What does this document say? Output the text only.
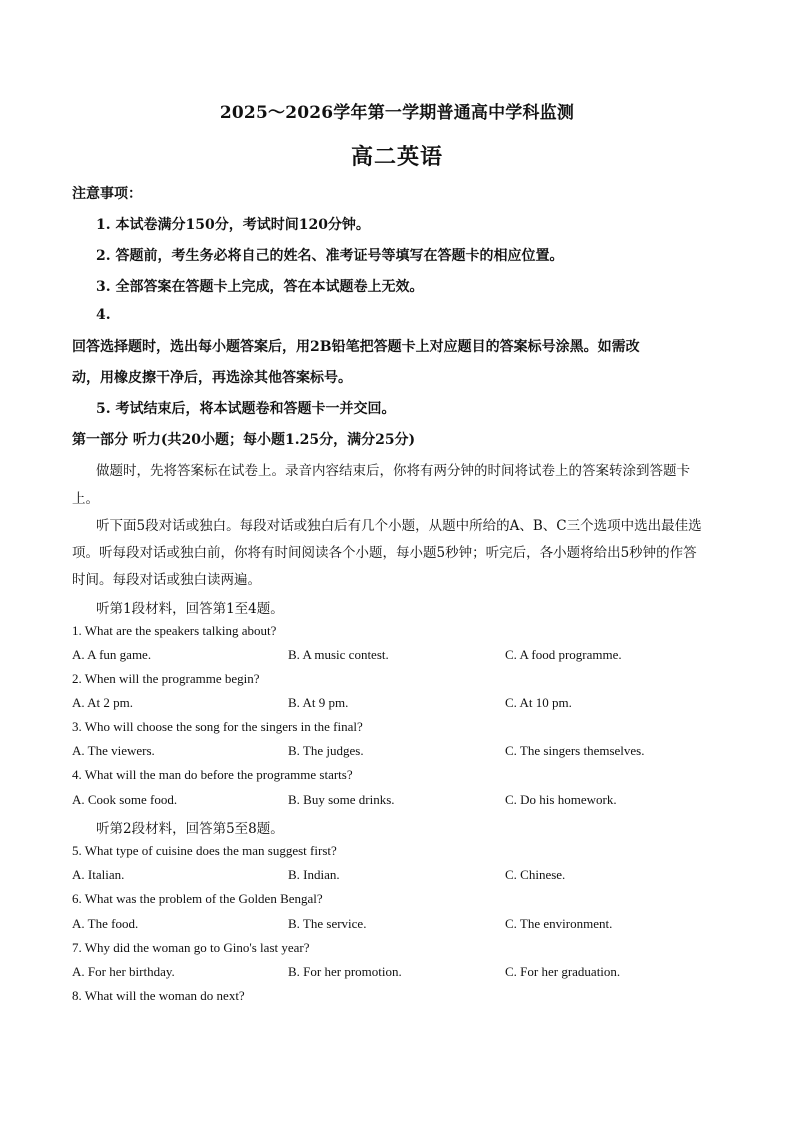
2025～2026学年第一学期普通高中学科监测
高二英语
注意事项：
1. 本试卷满分150分，考试时间120分钟。
2. 答题前，考生务必将自己的姓名、准考证号等填写在答题卡的相应位置。
3. 全部答案在答题卡上完成，答在本试题卷上无效。
4.
回答选择题时，选出每小题答案后，用2B铅笔把答题卡上对应题目的答案标号涂黑。如需改
动，用橡皮擦干净后，再选涂其他答案标号。
5. 考试结束后，将本试题卷和答题卡一并交回。
第一部分 听力(共20小题；每小题1.25分，满分25分)
做题时，先将答案标在试卷上。录音内容结束后，你将有两分钟的时间将试卷上的答案转涂到答题卡
上。
听下面5段对话或独白。每段对话或独白后有几个小题，从题中所给的A、B、C三个选项中选出最佳选
项。听每段对话或独白前，你将有时间阅读各个小题，每小题5秒钟；听完后，各小题将给出5秒钟的作答
时间。每段对话或独白读两遍。
听第1段材料，回答第1至4题。
1. What are the speakers talking about?
A. A fun game.	B. A music contest.	C. A food programme.
2. When will the programme begin?
A. At 2 pm.	B. At 9 pm.	C. At 10 pm.
3. Who will choose the song for the singers in the final?
A. The viewers.	B. The judges.	C. The singers themselves.
4. What will the man do before the programme starts?
A. Cook some food.	B. Buy some drinks.	C. Do his homework.
听第2段材料，回答第5至8题。
5. What type of cuisine does the man suggest first?
A. Italian.	B. Indian.	C. Chinese.
6. What was the problem of the Golden Bengal?
A. The food.	B. The service.	C. The environment.
7. Why did the woman go to Gino's last year?
A. For her birthday.	B. For her promotion.	C. For her graduation.
8. What will the woman do next?
